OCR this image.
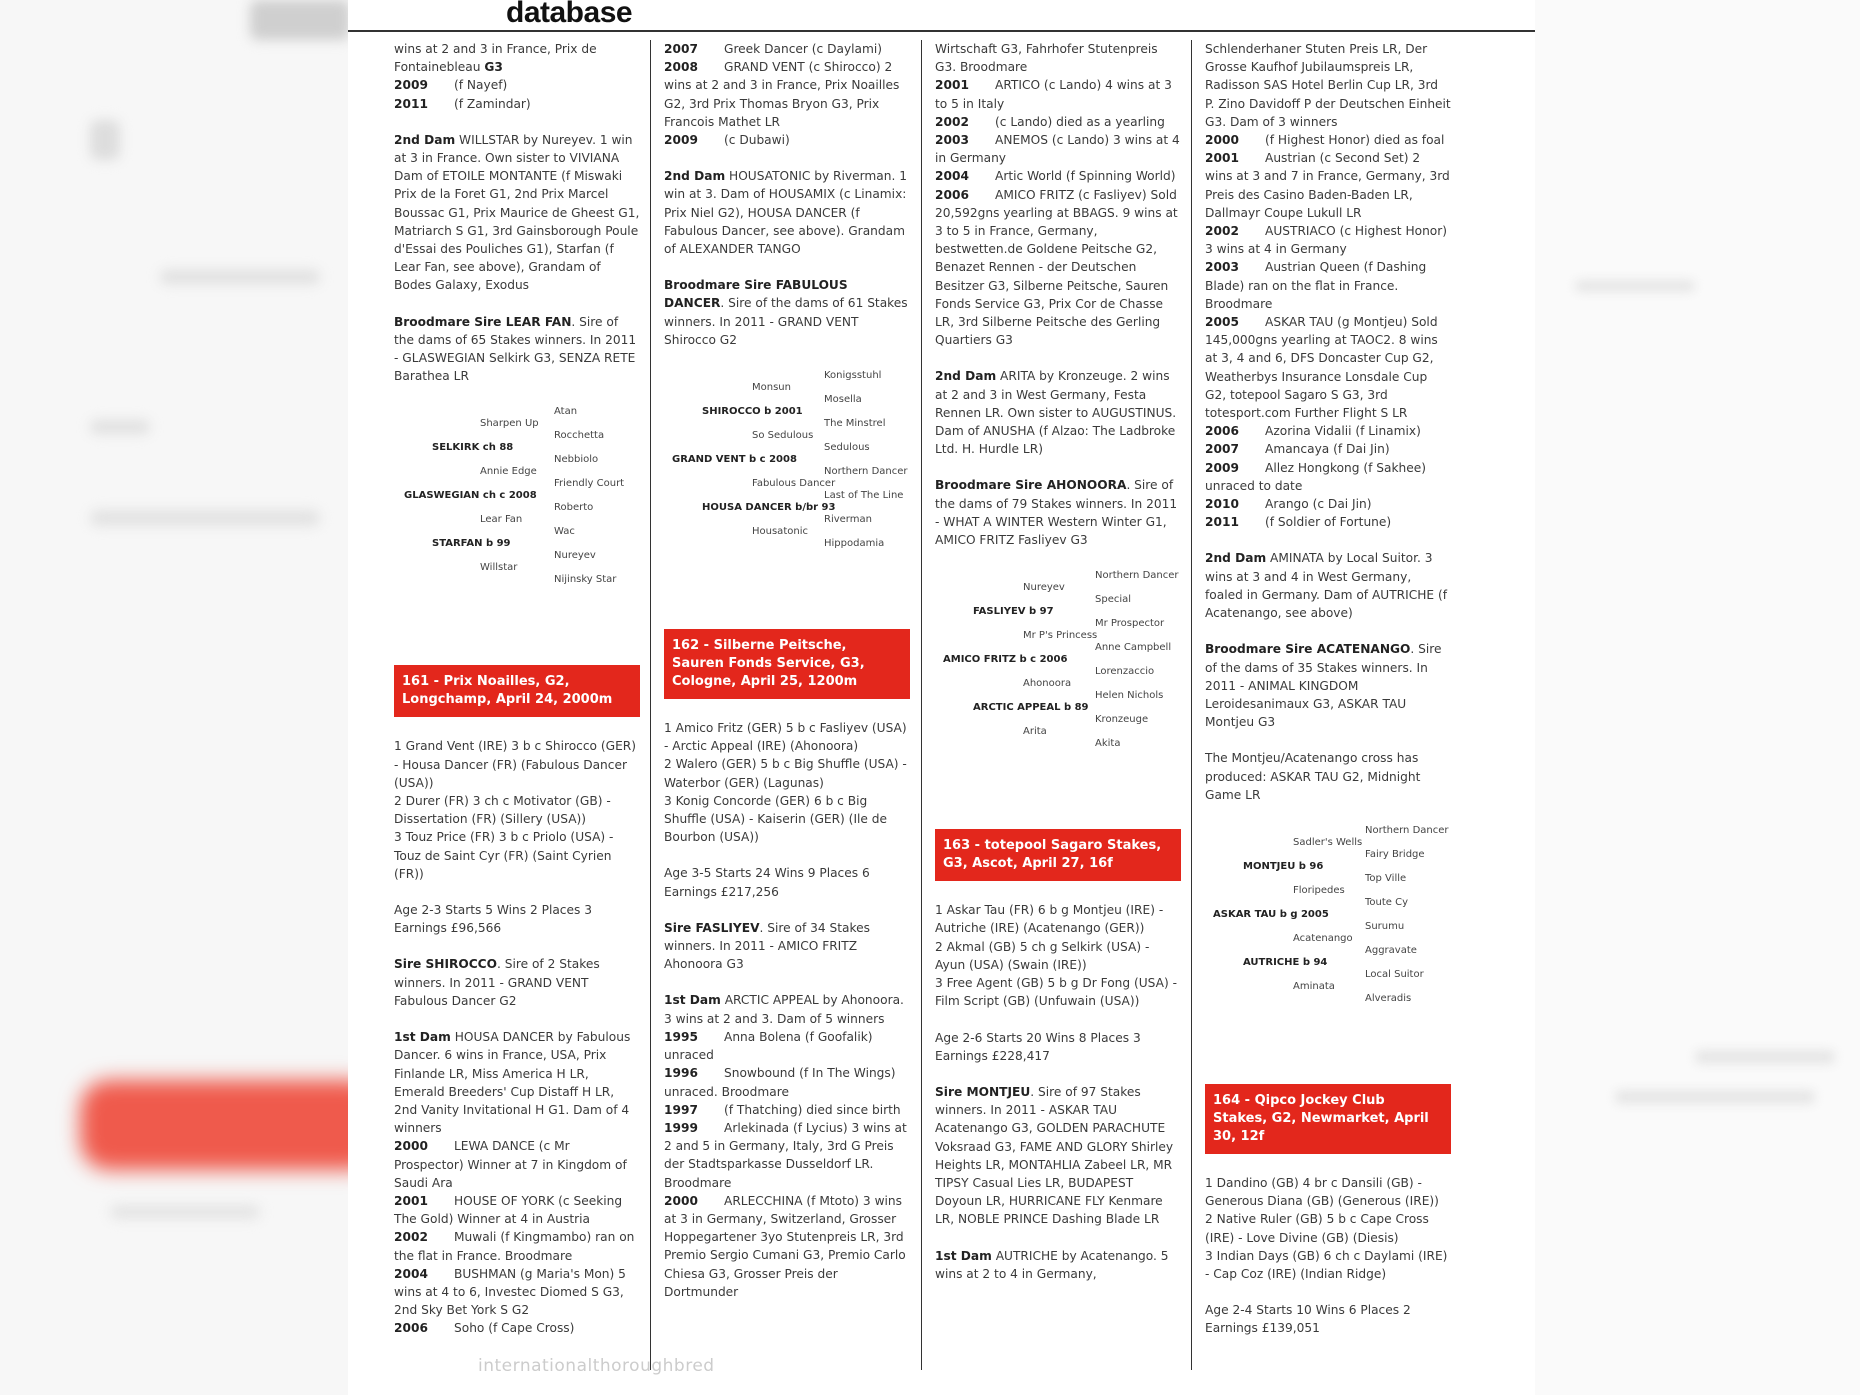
database

wins at 2 and 3 in France, Prix de Fontainebleau G3
2009 (f Nayef)
2011 (f Zamindar)

2nd Dam WILLSTAR by Nureyev. 1 win at 3 in France. Own sister to VIVIANA Dam of ETOILE MONTANTE (f Miswaki Prix de la Foret G1, 2nd Prix Marcel Boussac G1, Prix Maurice de Gheest G1, Matriarch S G1, 3rd Gainsborough Poule d'Essai des Pouliches G1), Starfan (f Lear Fan, see above), Grandam of Bodes Galaxy, Exodus

Broodmare Sire LEAR FAN. Sire of the dams of 65 Stakes winners. In 2011 - GLASWEGIAN Selkirk G3, SENZA RETE Barathea LR

Atan
Sharpen Up
Rocchetta
SELKIRK ch 88
Nebbiolo
Annie Edge
Friendly Court
GLASWEGIAN ch c 2008
Roberto
Lear Fan
Wac
STARFAN b 99
Nureyev
Willstar
Nijinsky Star
161 - Prix Noailles, G2, Longchamp, April 24, 2000m

1 Grand Vent (IRE) 3 b c Shirocco (GER) - Housa Dancer (FR) (Fabulous Dancer (USA))
2 Durer (FR) 3 ch c Motivator (GB) - Dissertation (FR) (Sillery (USA))
3 Touz Price (FR) 3 b c Priolo (USA) - Touz de Saint Cyr (FR) (Saint Cyrien (FR))

Age 2-3 Starts 5 Wins 2 Places 3 Earnings £96,566

Sire SHIROCCO. Sire of 2 Stakes winners. In 2011 - GRAND VENT Fabulous Dancer G2

1st Dam HOUSA DANCER by Fabulous Dancer. 6 wins in France, USA, Prix Finlande LR, Miss America H LR, Emerald Breeders' Cup Distaff H LR, 2nd Vanity Invitational H G1. Dam of 4 winners
2000 LEWA DANCE (c Mr Prospector) Winner at 7 in Kingdom of Saudi Ara
2001 HOUSE OF YORK (c Seeking The Gold) Winner at 4 in Austria
2002 Muwali (f Kingmambo) ran on the flat in France. Broodmare
2004 BUSHMAN (g Maria's Mon) 5 wins at 4 to 6, Investec Diomed S G3, 2nd Sky Bet York S G2
2006 Soho (f Cape Cross)

2007 Greek Dancer (c Daylami)
2008 GRAND VENT (c Shirocco) 2 wins at 2 and 3 in France, Prix Noailles G2, 3rd Prix Thomas Bryon G3, Prix Francois Mathet LR
2009 (c Dubawi)

2nd Dam HOUSATONIC by Riverman. 1 win at 3. Dam of HOUSAMIX (c Linamix: Prix Niel G2), HOUSA DANCER (f Fabulous Dancer, see above). Grandam of ALEXANDER TANGO

Broodmare Sire FABULOUS DANCER. Sire of the dams of 61 Stakes winners. In 2011 - GRAND VENT Shirocco G2

Konigsstuhl
Monsun
Mosella
SHIROCCO b 2001
The Minstrel
So Sedulous
Sedulous
GRAND VENT b c 2008
Northern Dancer
Fabulous Dancer
Last of The Line
HOUSA DANCER b/br 93
Riverman
Housatonic
Hippodamia
162 - Silberne Peitsche, Sauren Fonds Service, G3, Cologne, April 25, 1200m

1 Amico Fritz (GER) 5 b c Fasliyev (USA) - Arctic Appeal (IRE) (Ahonoora)
2 Walero (GER) 5 b c Big Shuffle (USA) - Waterbor (GER) (Lagunas)
3 Konig Concorde (GER) 6 b c Big Shuffle (USA) - Kaiserin (GER) (Ile de Bourbon (USA))

Age 3-5 Starts 24 Wins 9 Places 6 Earnings £217,256

Sire FASLIYEV. Sire of 34 Stakes winners. In 2011 - AMICO FRITZ Ahonoora G3

1st Dam ARCTIC APPEAL by Ahonoora. 3 wins at 2 and 3. Dam of 5 winners
1995 Anna Bolena (f Goofalik) unraced
1996 Snowbound (f In The Wings) unraced. Broodmare
1997 (f Thatching) died since birth
1999 Arlekinada (f Lycius) 3 wins at 2 and 5 in Germany, Italy, 3rd G Preis der Stadtsparkasse Dusseldorf LR. Broodmare
2000 ARLECCHINA (f Mtoto) 3 wins at 3 in Germany, Switzerland, Grosser Hoppegartener 3yo Stutenpreis LR, 3rd Premio Sergio Cumani G3, Premio Carlo Chiesa G3, Grosser Preis der Dortmunder

Wirtschaft G3, Fahrhofer Stutenpreis G3. Broodmare
2001 ARTICO (c Lando) 4 wins at 3 to 5 in Italy
2002 (c Lando) died as a yearling
2003 ANEMOS (c Lando) 3 wins at 4 in Germany
2004 Artic World (f Spinning World)
2006 AMICO FRITZ (c Fasliyev) Sold 20,592gns yearling at BBAGS. 9 wins at 3 to 5 in France, Germany, bestwetten.de Goldene Peitsche G2, Benazet Rennen - der Deutschen Besitzer G3, Silberne Peitsche, Sauren Fonds Service G3, Prix Cor de Chasse LR, 3rd Silberne Peitsche des Gerling Quartiers G3

2nd Dam ARITA by Kronzeuge. 2 wins at 2 and 3 in West Germany, Festa Rennen LR. Own sister to AUGUSTINUS. Dam of ANUSHA (f Alzao: The Ladbroke Ltd. H. Hurdle LR)

Broodmare Sire AHONOORA. Sire of the dams of 79 Stakes winners. In 2011 - WHAT A WINTER Western Winter G1, AMICO FRITZ Fasliyev G3

Northern Dancer
Nureyev
Special
FASLIYEV b 97
Mr Prospector
Mr P's Princess
Anne Campbell
AMICO FRITZ b c 2006
Lorenzaccio
Ahonoora
Helen Nichols
ARCTIC APPEAL b 89
Kronzeuge
Arita
Akita
163 - totepool Sagaro Stakes, G3, Ascot, April 27, 16f

1 Askar Tau (FR) 6 b g Montjeu (IRE) - Autriche (IRE) (Acatenango (GER))
2 Akmal (GB) 5 ch g Selkirk (USA) - Ayun (USA) (Swain (IRE))
3 Free Agent (GB) 5 b g Dr Fong (USA) - Film Script (GB) (Unfuwain (USA))

Age 2-6 Starts 20 Wins 8 Places 3 Earnings £228,417

Sire MONTJEU. Sire of 97 Stakes winners. In 2011 - ASKAR TAU Acatenango G3, GOLDEN PARACHUTE Voksraad G3, FAME AND GLORY Shirley Heights LR, MONTAHLIA Zabeel LR, MR TIPSY Casual Lies LR, BUDAPEST Doyoun LR, HURRICANE FLY Kenmare LR, NOBLE PRINCE Dashing Blade LR

1st Dam AUTRICHE by Acatenango. 5 wins at 2 to 4 in Germany,

Schlenderhaner Stuten Preis LR, Der Grosse Kaufhof Jubilaumspreis LR, Radisson SAS Hotel Berlin Cup LR, 3rd P. Zino Davidoff P der Deutschen Einheit G3. Dam of 3 winners
2000 (f Highest Honor) died as foal
2001 Austrian (c Second Set) 2 wins at 3 and 7 in France, Germany, 3rd Preis des Casino Baden-Baden LR, Dallmayr Coupe Lukull LR
2002 AUSTRIACO (c Highest Honor) 3 wins at 4 in Germany
2003 Austrian Queen (f Dashing Blade) ran on the flat in France. Broodmare
2005 ASKAR TAU (g Montjeu) Sold 145,000gns yearling at TAOC2. 8 wins at 3, 4 and 6, DFS Doncaster Cup G2, Weatherbys Insurance Lonsdale Cup G2, totepool Sagaro S G3, 3rd totesport.com Further Flight S LR
2006 Azorina Vidalii (f Linamix)
2007 Amancaya (f Dai Jin)
2009 Allez Hongkong (f Sakhee) unraced to date
2010 Arango (c Dai Jin)
2011 (f Soldier of Fortune)

2nd Dam AMINATA by Local Suitor. 3 wins at 3 and 4 in West Germany, foaled in Germany. Dam of AUTRICHE (f Acatenango, see above)

Broodmare Sire ACATENANGO. Sire of the dams of 35 Stakes winners. In 2011 - ANIMAL KINGDOM Leroidesanimaux G3, ASKAR TAU Montjeu G3

The Montjeu/Acatenango cross has produced: ASKAR TAU G2, Midnight Game LR

Northern Dancer
Sadler's Wells
Fairy Bridge
MONTJEU b 96
Top Ville
Floripedes
Toute Cy
ASKAR TAU b g 2005
Surumu
Acatenango
Aggravate
AUTRICHE b 94
Local Suitor
Aminata
Alveradis
164 - Qipco Jockey Club Stakes, G2, Newmarket, April 30, 12f

1 Dandino (GB) 4 br c Dansili (GB) - Generous Diana (GB) (Generous (IRE))
2 Native Ruler (GB) 5 b c Cape Cross (IRE) - Love Divine (GB) (Diesis)
3 Indian Days (GB) 6 ch c Daylami (IRE) - Cap Coz (IRE) (Indian Ridge)

Age 2-4 Starts 10 Wins 6 Places 2 Earnings £139,051

internationalthoroughbred
